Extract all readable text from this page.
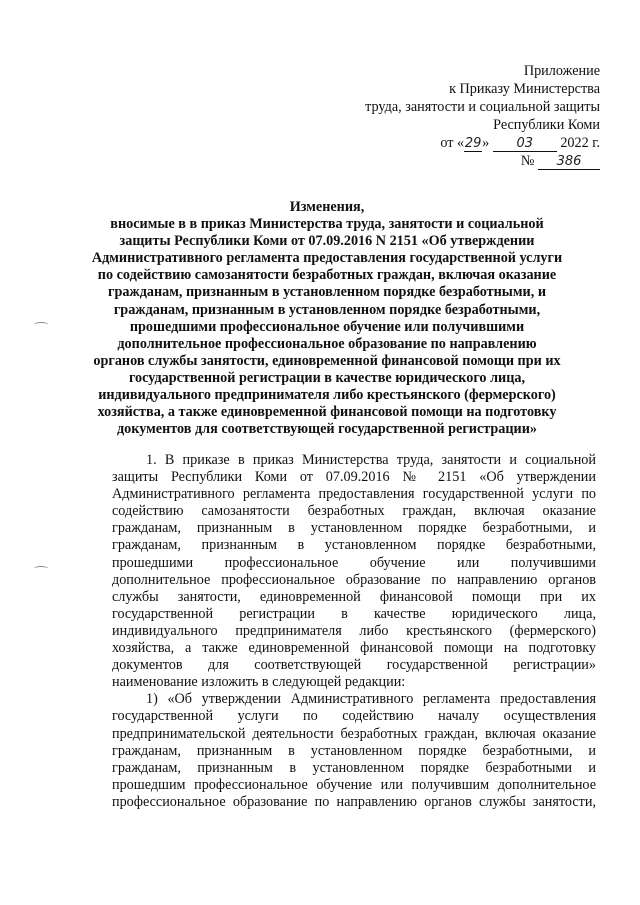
Приложение
к Приказу Министерства
труда, занятости и социальной защиты
Республики Коми
от «29» 03 2022 г.
№ 386
Изменения,
вносимые в в приказ Министерства труда, занятости и социальной
защиты Республики Коми от 07.09.2016 N 2151 «Об утверждении
Административного регламента предоставления государственной услуги
по содействию самозанятости безработных граждан, включая оказание
гражданам, признанным в установленном порядке безработными, и
гражданам, признанным в установленном порядке безработными,
прошедшими профессиональное обучение или получившими
дополнительное профессиональное образование по направлению
органов службы занятости, единовременной финансовой помощи при их
государственной регистрации в качестве юридического лица,
индивидуального предпринимателя либо крестьянского (фермерского)
хозяйства, а также единовременной финансовой помощи на подготовку
документов для соответствующей государственной регистрации»
1. В приказе в приказ Министерства труда, занятости и социальной
защиты Республики Коми от 07.09.2016 № 2151 «Об утверждении
Административного регламента предоставления государственной услуги по
содействию самозанятости безработных граждан, включая оказание
гражданам, признанным в установленном порядке безработными, и
гражданам, признанным в установленном порядке безработными,
прошедшими профессиональное обучение или получившими
дополнительное профессиональное образование по направлению органов
службы занятости, единовременной финансовой помощи при их
государственной регистрации в качестве юридического лица,
индивидуального предпринимателя либо крестьянского (фермерского)
хозяйства, а также единовременной финансовой помощи на подготовку
документов для соответствующей государственной регистрации»
наименование изложить в следующей редакции:
1) «Об утверждении Административного регламента предоставления
государственной услуги по содействию началу осуществления
предпринимательской деятельности безработных граждан, включая оказание
гражданам, признанным в установленном порядке безработными, и
гражданам, признанным в установленном порядке безработными и
прошедшим профессиональное обучение или получившим дополнительное
профессиональное образование по направлению органов службы занятости,
